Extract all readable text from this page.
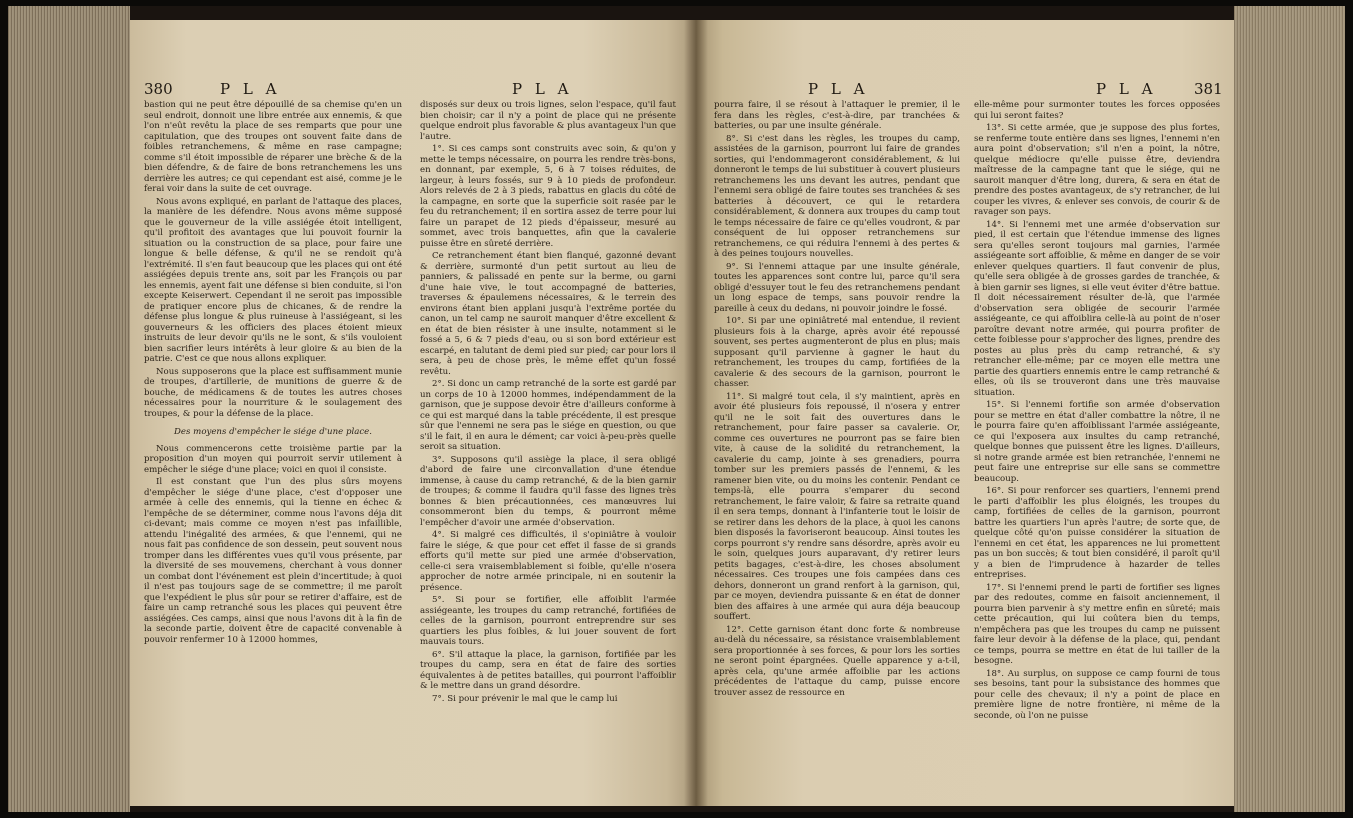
380	P L A	P L A

bastion qui ne peut être dépouillé de sa chemise qu'en un seul endroit, donnoit une libre entrée aux ennemis, & que l'on n'eût revêtu la place de ses remparts que pour une capitulation, que des troupes ont souvent faite dans de foibles retranchemens, & même en rase campagne; comme s'il étoit impossible de réparer une brèche & de la bien défendre, & de faire de bons retranchemens les uns derrière les autres; ce qui cependant est aisé, comme je le ferai voir dans la suite de cet ouvrage.

Nous avons expliqué, en parlant de l'attaque des places, la manière de les défendre. Nous avons même supposé que le gouverneur de la ville assiégée étoit intelligent, qu'il profitoit des avantages que lui pouvoit fournir la situation ou la construction de sa place, pour faire une longue & belle défense, & qu'il ne se rendoit qu'à l'extrémité. Il s'en faut beaucoup que les places qui ont été assiégées depuis trente ans, soit par les François ou par les ennemis, ayent fait une défense si bien conduite, si l'on excepte Keiserwert. Cependant il ne seroit pas impossible de pratiquer encore plus de chicanes, & de rendre la défense plus longue & plus ruineuse à l'assiégeant, si les gouverneurs & les officiers des places étoient mieux instruits de leur devoir qu'ils ne le sont, & s'ils vouloient bien sacrifier leurs intérêts à leur gloire & au bien de la patrie. C'est ce que nous allons expliquer.

Nous supposerons que la place est suffisamment munie de troupes, d'artillerie, de munitions de guerre & de bouche, de médicamens & de toutes les autres choses nécessaires pour la nourriture & le soulagement des troupes, & pour la défense de la place.

Des moyens d'empêcher le siége d'une place.

Nous commencerons cette troisième partie par la proposition d'un moyen qui pourroit servir utilement à empêcher le siége d'une place; voici en quoi il consiste.

Il est constant que l'un des plus sûrs moyens d'empêcher le siége d'une place, c'est d'opposer une armée à celle des ennemis, qui la tienne en échec & l'empêche de se déterminer, comme nous l'avons déja dit ci-devant; mais comme ce moyen n'est pas infaillible, attendu l'inégalité des armées, & que l'ennemi, qui ne nous fait pas confidence de son dessein, peut souvent nous tromper dans les différentes vues qu'il vous présente, par la diversité de ses mouvemens, cherchant à vous donner un combat dont l'événement est plein d'incertitude; à quoi il n'est pas toujours sage de se commettre; il me paroît que l'expédient le plus sûr pour se retirer d'affaire, est de faire un camp retranché sous les places qui peuvent être assiégées. Ces camps, ainsi que nous l'avons dit à la fin de la seconde partie, doivent être de capacité convenable à pouvoir renfermer 10 à 12000 hommes,

disposés sur deux ou trois lignes, selon l'espace, qu'il faut bien choisir; car il n'y a point de place qui ne présente quelque endroit plus favorable & plus avantageux l'un que l'autre.

1°. Si ces camps sont construits avec soin, & qu'on y mette le temps nécessaire, on pourra les rendre très-bons, en donnant, par exemple, 5, 6 à 7 toises réduites, de largeur, à leurs fossés, sur 9 à 10 pieds de profondeur. Alors relevés de 2 à 3 pieds, rabattus en glacis du côté de la campagne, en sorte que la superficie soit rasée par le feu du retranchement; il en sortira assez de terre pour lui faire un parapet de 12 pieds d'épaisseur, mesuré au sommet, avec trois banquettes, afin que la cavalerie puisse être en sûreté derrière.

Ce retranchement étant bien flanqué, gazonné devant & derrière, surmonté d'un petit surtout au lieu de panniers, & palissadé en pente sur la berme, ou garni d'une haie vive, le tout accompagné de batteries, traverses & épaulemens nécessaires, & le terrein des environs étant bien applani jusqu'à l'extrême portée du canon, un tel camp ne sauroit manquer d'être excellent & en état de bien résister à une insulte, notamment si le fossé a 5, 6 & 7 pieds d'eau, ou si son bord extérieur est escarpé, en talutant de demi pied sur pied; car pour lors il sera, à peu de chose près, le même effet qu'un fossé revêtu.

2°. Si donc un camp retranché de la sorte est gardé par un corps de 10 à 12000 hommes, indépendamment de la garnison, que je suppose devoir être d'ailleurs conforme à ce qui est marqué dans la table précédente, il est presque sûr que l'ennemi ne sera pas le siége en question, ou que s'il le fait, il en aura le dément; car voici à-peu-près quelle seroit sa situation.

3°. Supposons qu'il assiège la place, il sera obligé d'abord de faire une circonvallation d'une étendue immense, à cause du camp retranché, & de la bien garnir de troupes; & comme il faudra qu'il fasse des lignes très bonnes & bien précautionnées, ces manœuvres lui consommeront bien du temps, & pourront même l'empêcher d'avoir une armée d'observation.

4°. Si malgré ces difficultés, il s'opiniâtre à vouloir faire le siége, & que pour cet effet il fasse de si grands efforts qu'il mette sur pied une armée d'observation, celle-ci sera vraisemblablement si foible, qu'elle n'osera approcher de notre armée principale, ni en soutenir la présence.

5°. Si pour se fortifier, elle affoiblit l'armée assiégeante, les troupes du camp retranché, fortifiées de celles de la garnison, pourront entreprendre sur ses quartiers les plus foibles, & lui jouer souvent de fort mauvais tours.

6°. S'il attaque la place, la garnison, fortifiée par les troupes du camp, sera en état de faire des sorties équivalentes à de petites batailles, qui pourront l'affoiblir & le mettre dans un grand désordre.

7°. Si pour prévenir le mal que le camp lui

P L A	P L A	381

pourra faire, il se résout à l'attaquer le premier, il le fera dans les règles, c'est-à-dire, par tranchées & batteries, ou par une insulte générale.

8°. Si c'est dans les règles, les troupes du camp, assistées de la garnison, pourront lui faire de grandes sorties, qui l'endommageront considérablement, & lui donneront le temps de lui substituer à couvert plusieurs retranchemens les uns devant les autres, pendant que l'ennemi sera obligé de faire toutes ses tranchées & ses batteries à découvert, ce qui le retardera considérablement, & donnera aux troupes du camp tout le temps nécessaire de faire ce qu'elles voudront, & par conséquent de lui opposer retranchemens sur retranchemens, ce qui réduira l'ennemi à des pertes & à des peines toujours nouvelles.

9°. Si l'ennemi attaque par une insulte générale, toutes les apparences sont contre lui, parce qu'il sera obligé d'essuyer tout le feu des retranchemens pendant un long espace de temps, sans pouvoir rendre la pareille à ceux du dedans, ni pouvoir joindre le fossé.

10°. Si par une opiniâtreté mal entendue, il revient plusieurs fois à la charge, après avoir été repoussé souvent, ses pertes augmenteront de plus en plus; mais supposant qu'il parvienne à gagner le haut du retranchement, les troupes du camp, fortifiées de la cavalerie & des secours de la garnison, pourront le chasser.

11°. Si malgré tout cela, il s'y maintient, après en avoir été plusieurs fois repoussé, il n'osera y entrer qu'il ne le soit fait des ouvertures dans le retranchement, pour faire passer sa cavalerie. Or, comme ces ouvertures ne pourront pas se faire bien vite, à cause de la solidité du retranchement, la cavalerie du camp, jointe à ses grenadiers, pourra tomber sur les premiers passés de l'ennemi, & les ramener bien vite, ou du moins les contenir. Pendant ce temps-là, elle pourra s'emparer du second retranchement, le faire valoir, & faire sa retraite quand il en sera temps, donnant à l'infanterie tout le loisir de se retirer dans les dehors de la place, à quoi les canons bien disposés la favoriseront beaucoup. Ainsi toutes les corps pourront s'y rendre sans désordre, après avoir eu le soin, quelques jours auparavant, d'y retirer leurs petits bagages, c'est-à-dire, les choses absolument nécessaires. Ces troupes une fois campées dans ces dehors, donneront un grand renfort à la garnison, qui, par ce moyen, deviendra puissante & en état de donner bien des affaires à une armée qui aura déja beaucoup souffert.

12°. Cette garnison étant donc forte & nombreuse au-delà du nécessaire, sa résistance vraisemblablement sera proportionnée à ses forces, & pour lors les sorties ne seront point épargnées. Quelle apparence y a-t-il, après cela, qu'une armée affoiblie par les actions précédentes de l'attaque du camp, puisse encore trouver assez de ressource en

elle-même pour surmonter toutes les forces opposées qui lui seront faites?

13°. Si cette armée, que je suppose des plus fortes, se renferme toute entière dans ses lignes, l'ennemi n'en aura point d'observation; s'il n'en a point, la nôtre, quelque médiocre qu'elle puisse être, deviendra maîtresse de la campagne tant que le siége, qui ne sauroit manquer d'être long, durera, & sera en état de prendre des postes avantageux, de s'y retrancher, de lui couper les vivres, & enlever ses convois, de courir & de ravager son pays.

14°. Si l'ennemi met une armée d'observation sur pied, il est certain que l'étendue immense des lignes sera qu'elles seront toujours mal garnies, l'armée assiégeante sort affoiblie, & même en danger de se voir enlever quelques quartiers. Il faut convenir de plus, qu'elle sera obligée à de grosses gardes de tranchée, & à bien garnir ses lignes, si elle veut éviter d'être battue. Il doit nécessairement résulter de-là, que l'armée d'observation sera obligée de secourir l'armée assiégeante, ce qui affoiblira celle-là au point de n'oser paroître devant notre armée, qui pourra profiter de cette foiblesse pour s'approcher des lignes, prendre des postes au plus près du camp retranché, & s'y retrancher elle-même; par ce moyen elle mettra une partie des quartiers ennemis entre le camp retranché & elles, où ils se trouveront dans une très mauvaise situation.

15°. Si l'ennemi fortifie son armée d'observation pour se mettre en état d'aller combattre la nôtre, il ne le pourra faire qu'en affoiblissant l'armée assiégeante, ce qui l'exposera aux insultes du camp retranché, quelque bonnes que puissent être les lignes. D'ailleurs, si notre grande armée est bien retranchée, l'ennemi ne peut faire une entreprise sur elle sans se commettre beaucoup.

16°. Si pour renforcer ses quartiers, l'ennemi prend le parti d'affoiblir les plus éloignés, les troupes du camp, fortifiées de celles de la garnison, pourront battre les quartiers l'un après l'autre; de sorte que, de quelque côté qu'on puisse considérer la situation de l'ennemi en cet état, les apparences ne lui promettent pas un bon succès; & tout bien considéré, il paroît qu'il y a bien de l'imprudence à hazarder de telles entreprises.

17°. Si l'ennemi prend le parti de fortifier ses lignes par des redoutes, comme en faisoit anciennement, il pourra bien parvenir à s'y mettre enfin en sûreté; mais cette précaution, qui lui coûtera bien du temps, n'empêchera pas que les troupes du camp ne puissent faire leur devoir à la défense de la place, qui, pendant ce temps, pourra se mettre en état de lui tailler de la besogne.

18°. Au surplus, on suppose ce camp fourni de tous ses besoins, tant pour la subsistance des hommes que pour celle des chevaux; il n'y a point de place en première ligne de notre frontière, ni même de la seconde, où l'on ne puisse
